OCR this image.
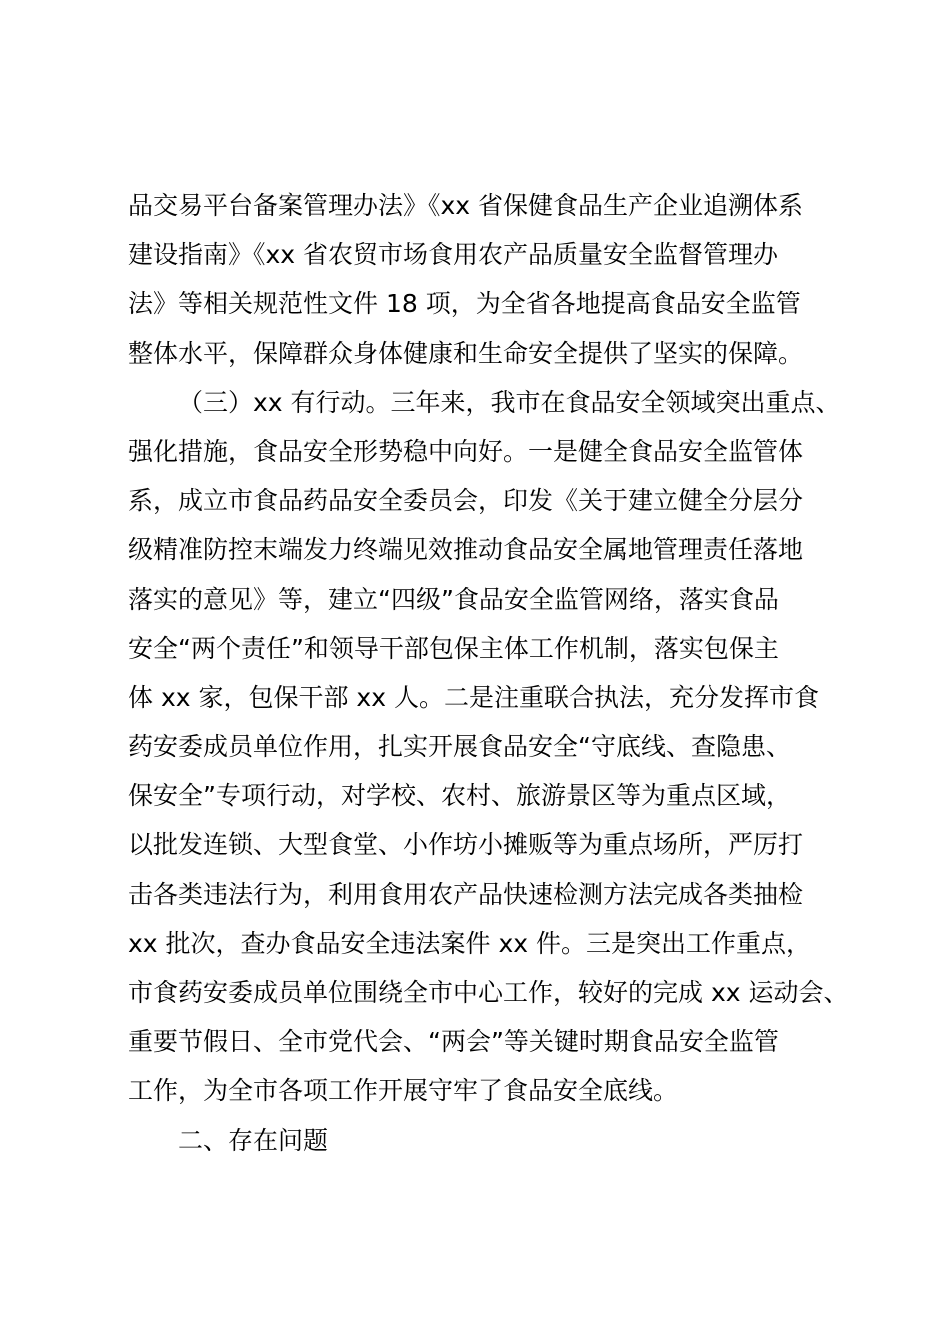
品交易平台备案管理办法》《xx 省保健食品生产企业追溯体系
建设指南》《xx 省农贸市场食用农产品质量安全监督管理办
法》等相关规范性文件 18 项，为全省各地提高食品安全监管
整体水平，保障群众身体健康和生命安全提供了坚实的保障。
（三）xx 有行动。三年来，我市在食品安全领域突出重点、
强化措施，食品安全形势稳中向好。一是健全食品安全监管体
系，成立市食品药品安全委员会，印发《关于建立健全分层分
级精准防控末端发力终端见效推动食品安全属地管理责任落地
落实的意见》等，建立“四级”食品安全监管网络，落实食品
安全“两个责任”和领导干部包保主体工作机制，落实包保主
体 xx 家，包保干部 xx 人。二是注重联合执法，充分发挥市食
药安委成员单位作用，扎实开展食品安全“守底线、查隐患、
保安全”专项行动，对学校、农村、旅游景区等为重点区域，
以批发连锁、大型食堂、小作坊小摊贩等为重点场所，严厉打
击各类违法行为，利用食用农产品快速检测方法完成各类抽检
xx 批次，查办食品安全违法案件 xx 件。三是突出工作重点，
市食药安委成员单位围绕全市中心工作，较好的完成 xx 运动会、
重要节假日、全市党代会、“两会”等关键时期食品安全监管
工作，为全市各项工作开展守牢了食品安全底线。
二、存在问题
